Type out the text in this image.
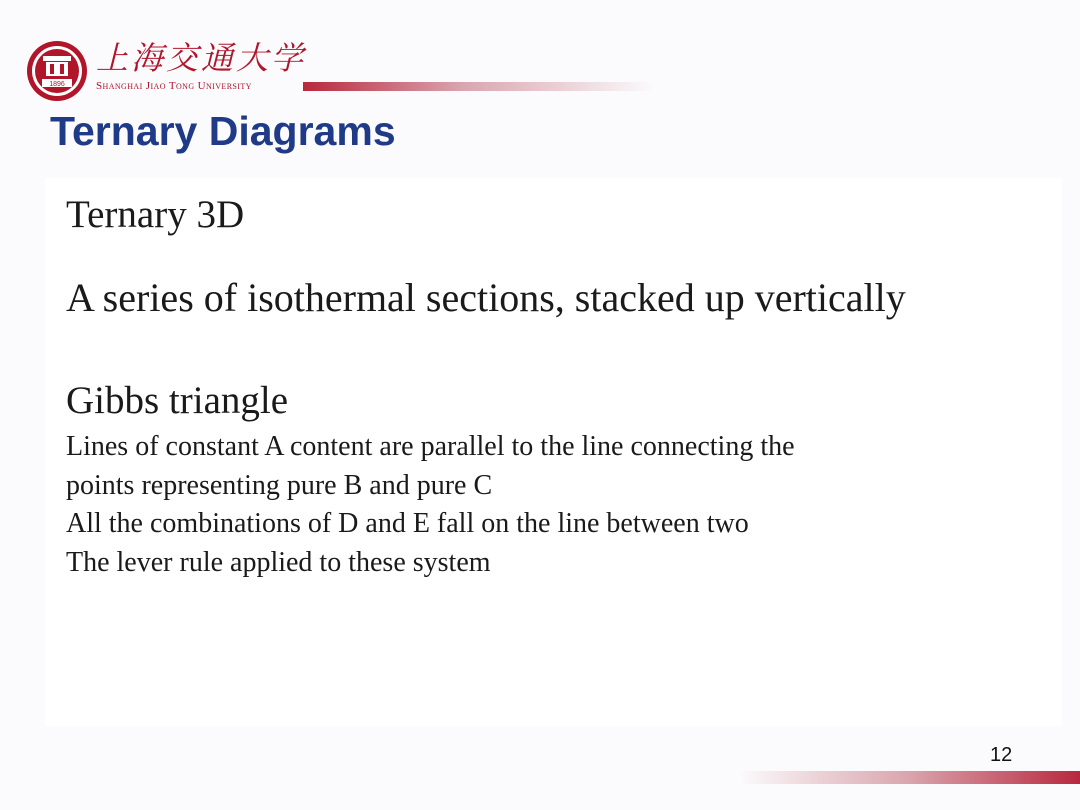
1896
上海交通大学
Shanghai Jiao Tong University
Ternary Diagrams
Ternary 3D
A series of isothermal sections, stacked up vertically
Gibbs triangle
Lines of constant A content are parallel to the line connecting the
points representing pure B and pure C
All the combinations of D and E fall on the line between two
The lever rule applied to these system
12
